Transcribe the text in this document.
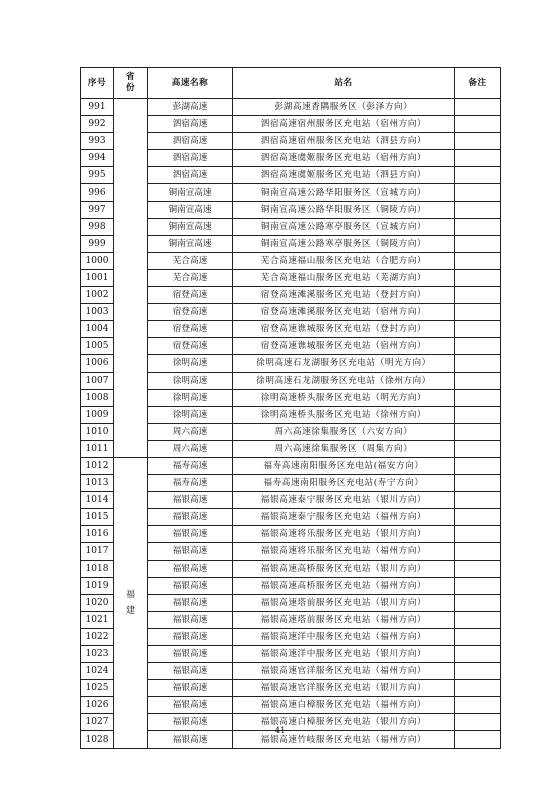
序号	省份	高速名称	站名	备注
991		彭湖高速	彭湖高速香隅服务区（彭泽方向）	
992		泗宿高速	泗宿高速宿州服务区充电站（宿州方向）	
993		泗宿高速	泗宿高速宿州服务区充电站（泗县方向）	
994		泗宿高速	泗宿高速虞姬服务区充电站（宿州方向）	
995		泗宿高速	泗宿高速虞姬服务区充电站（泗县方向）	
996		铜南宣高速	铜南宣高速公路华阳服务区（宣城方向）	
997		铜南宣高速	铜南宣高速公路华阳服务区（铜陵方向）	
998		铜南宣高速	铜南宣高速公路寒亭服务区（宣城方向）	
999		铜南宣高速	铜南宣高速公路寒亭服务区（铜陵方向）	
1000		芜合高速	芜合高速福山服务区充电站（合肥方向）	
1001		芜合高速	芜合高速福山服务区充电站（芜湖方向）	
1002		宿登高速	宿登高速滩溪服务区充电站（登封方向）	
1003		宿登高速	宿登高速滩溪服务区充电站（宿州方向）	
1004		宿登高速	宿登高速谯城服务区充电站（登封方向）	
1005		宿登高速	宿登高速谯城服务区充电站（宿州方向）	
1006		徐明高速	徐明高速石龙湖服务区充电站（明光方向）	
1007		徐明高速	徐明高速石龙湖服务区充电站（徐州方向）	
1008		徐明高速	徐明高速桥头服务区充电站（明光方向）	
1009		徐明高速	徐明高速桥头服务区充电站（徐州方向）	
1010		周六高速	周六高速徐集服务区（六安方向）	
1011		周六高速	周六高速徐集服务区（周集方向）	
1012	福建	福寿高速	福寿高速南阳服务区充电站(福安方向）	
1013		福寿高速	福寿高速南阳服务区充电站(寿宁方向）	
1014		福银高速	福银高速泰宁服务区充电站（银川方向）	
1015		福银高速	福银高速泰宁服务区充电站（福州方向）	
1016		福银高速	福银高速将乐服务区充电站（银川方向）	
1017		福银高速	福银高速将乐服务区充电站（福州方向）	
1018		福银高速	福银高速高桥服务区充电站（银川方向）	
1019		福银高速	福银高速高桥服务区充电站（福州方向）	
1020		福银高速	福银高速塔前服务区充电站（银川方向）	
1021		福银高速	福银高速塔前服务区充电站（福州方向）	
1022		福银高速	福银高速洋中服务区充电站（福州方向）	
1023		福银高速	福银高速洋中服务区充电站（银川方向）	
1024		福银高速	福银高速官洋服务区充电站（福州方向）	
1025		福银高速	福银高速官洋服务区充电站（银川方向）	
1026		福银高速	福银高速白樟服务区充电站（福州方向）	
1027		福银高速	福银高速白樟服务区充电站（银川方向）	
1028		福银高速	福银高速竹岐服务区充电站（福州方向）	
41
